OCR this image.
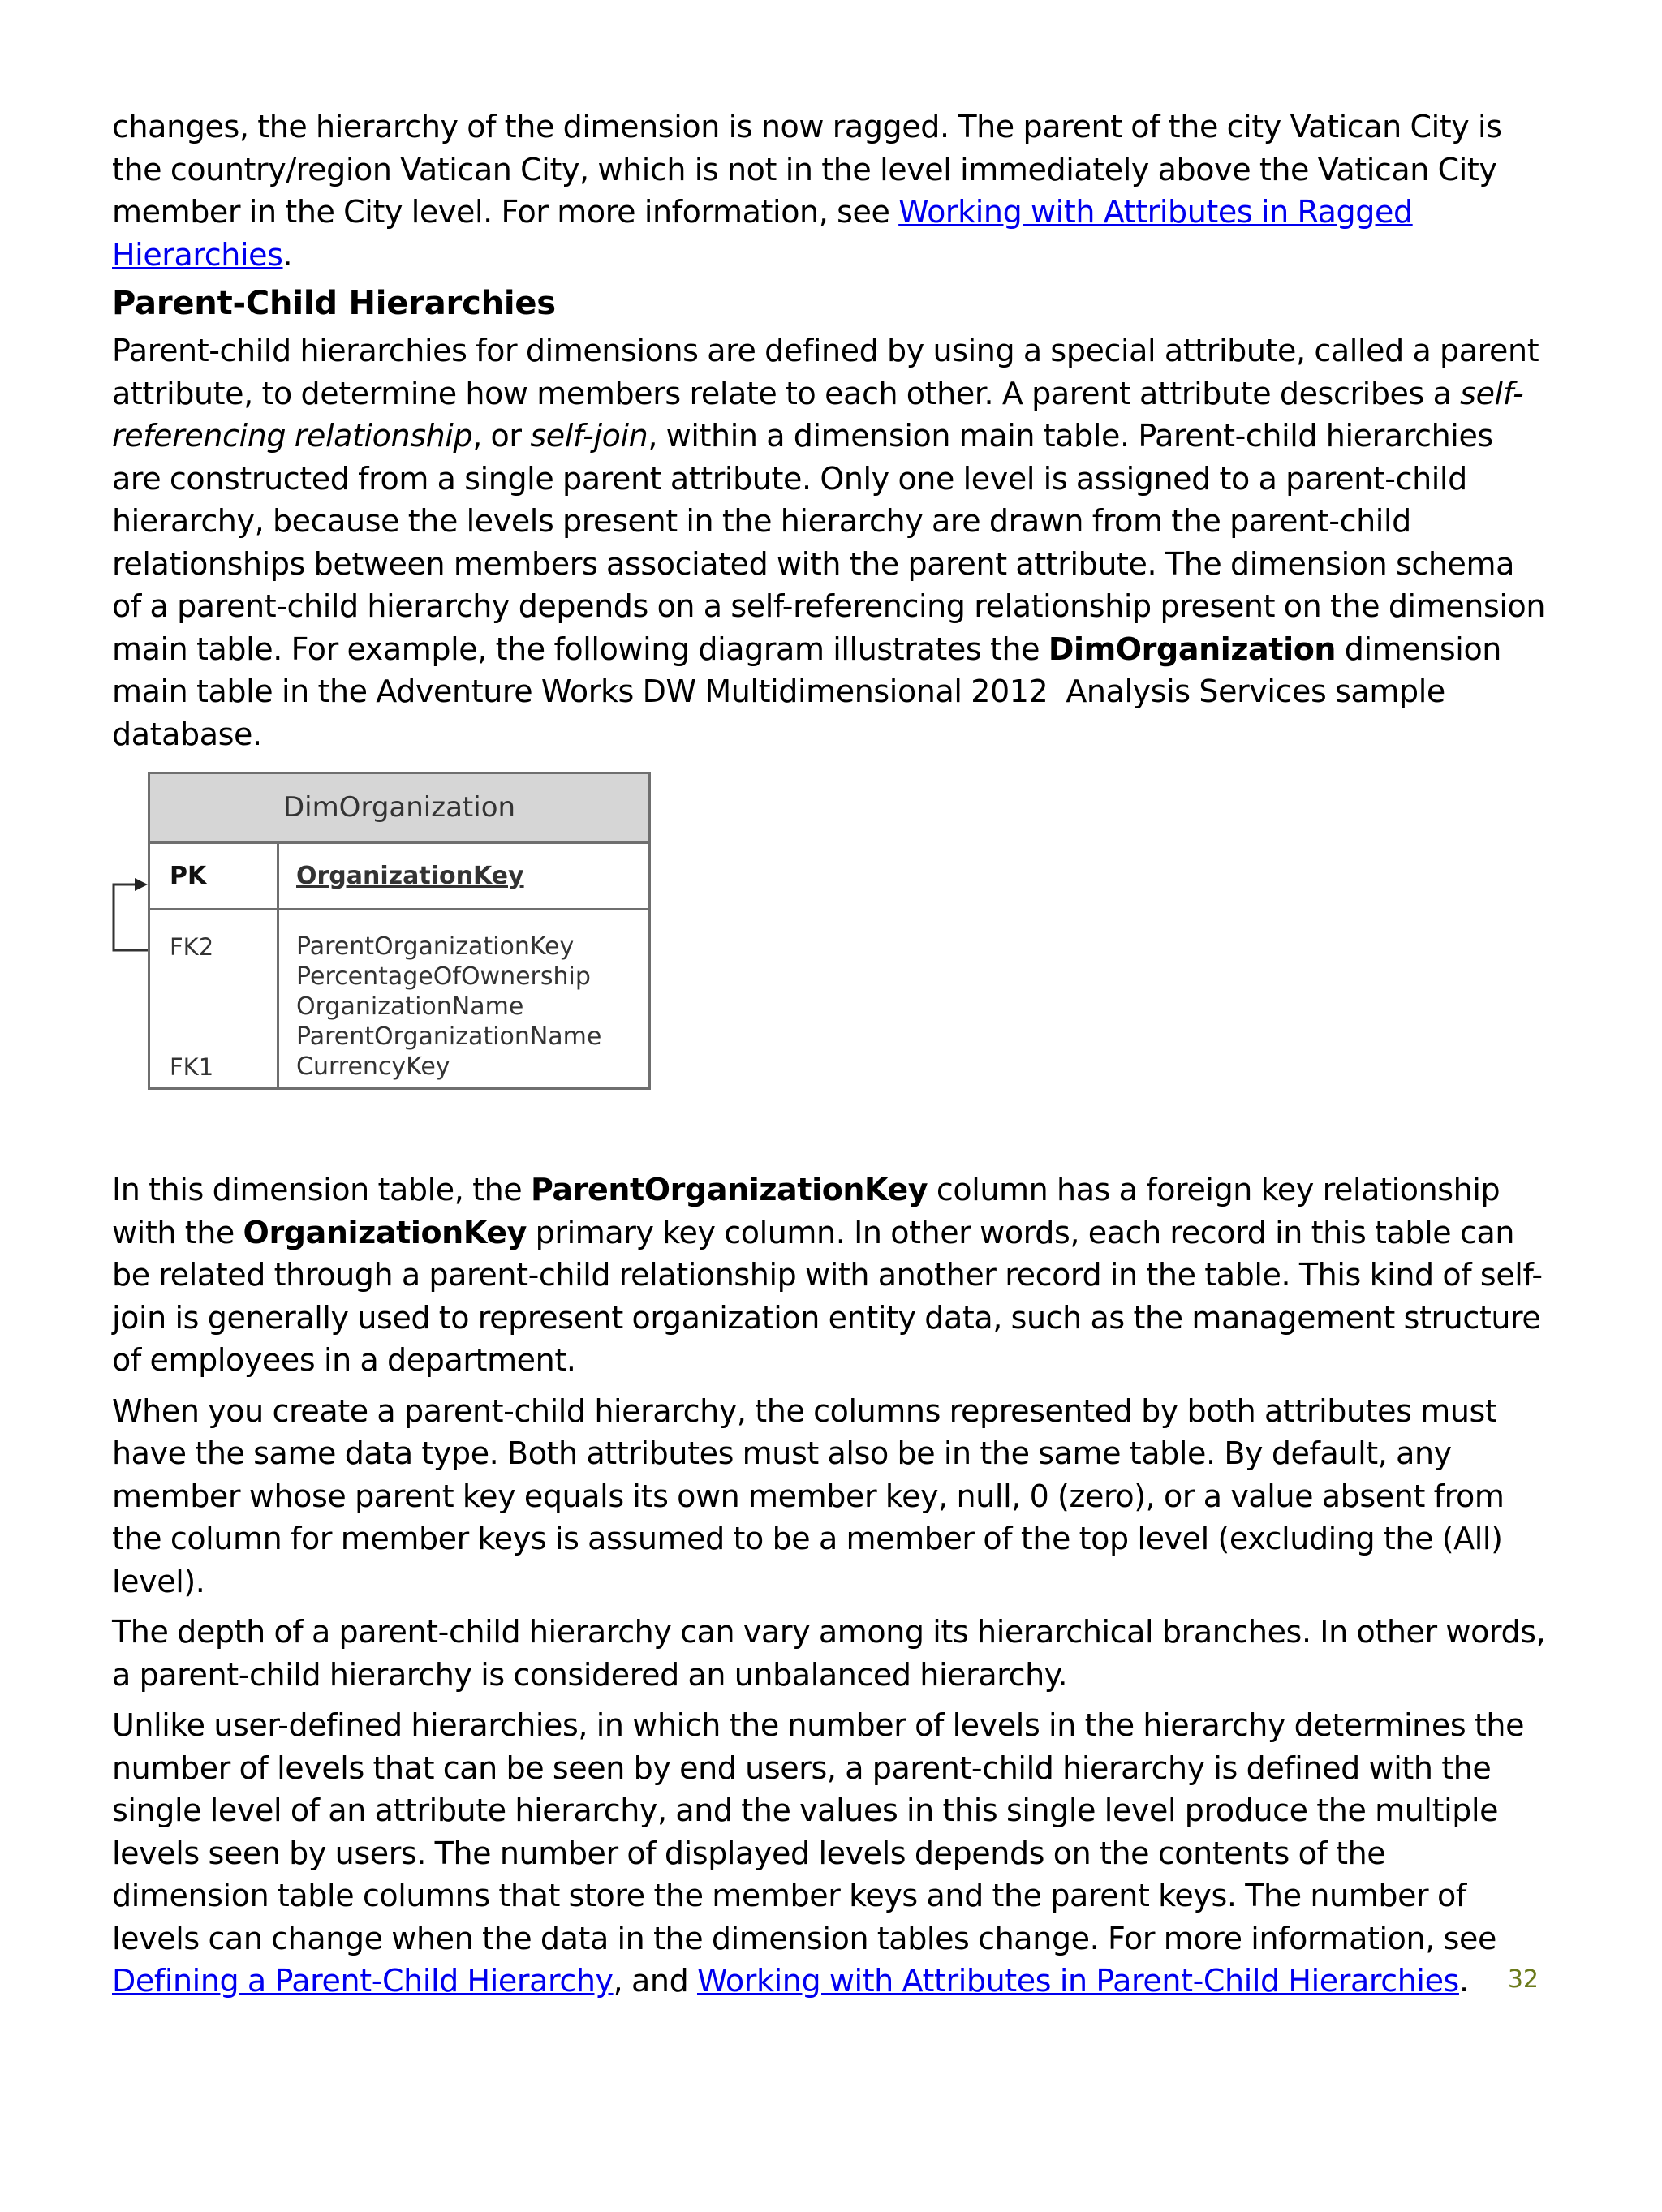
changes, the hierarchy of the dimension is now ragged. The parent of the city Vatican City is the country/region Vatican City, which is not in the level immediately above the Vatican City member in the City level. For more information, see Working with Attributes in Ragged Hierarchies.

Parent-Child Hierarchies

Parent-child hierarchies for dimensions are defined by using a special attribute, called a parent attribute, to determine how members relate to each other. A parent attribute describes a self-referencing relationship, or self-join, within a dimension main table. Parent-child hierarchies are constructed from a single parent attribute. Only one level is assigned to a parent-child hierarchy, because the levels present in the hierarchy are drawn from the parent-child relationships between members associated with the parent attribute. The dimension schema of a parent-child hierarchy depends on a self-referencing relationship present on the dimension main table. For example, the following diagram illustrates the DimOrganization dimension main table in the Adventure Works DW Multidimensional 2012 Analysis Services sample database.

DimOrganization
PK	OrganizationKey
FK2
FK1
ParentOrganizationKey
PercentageOfOwnership
OrganizationName
ParentOrganizationName
CurrencyKey

In this dimension table, the ParentOrganizationKey column has a foreign key relationship with the OrganizationKey primary key column. In other words, each record in this table can be related through a parent-child relationship with another record in the table. This kind of self-join is generally used to represent organization entity data, such as the management structure of employees in a department.

When you create a parent-child hierarchy, the columns represented by both attributes must have the same data type. Both attributes must also be in the same table. By default, any member whose parent key equals its own member key, null, 0 (zero), or a value absent from the column for member keys is assumed to be a member of the top level (excluding the (All) level).

The depth of a parent-child hierarchy can vary among its hierarchical branches. In other words, a parent-child hierarchy is considered an unbalanced hierarchy.

Unlike user-defined hierarchies, in which the number of levels in the hierarchy determines the number of levels that can be seen by end users, a parent-child hierarchy is defined with the single level of an attribute hierarchy, and the values in this single level produce the multiple levels seen by users. The number of displayed levels depends on the contents of the dimension table columns that store the member keys and the parent keys. The number of levels can change when the data in the dimension tables change. For more information, see Defining a Parent-Child Hierarchy, and Working with Attributes in Parent-Child Hierarchies.	32
